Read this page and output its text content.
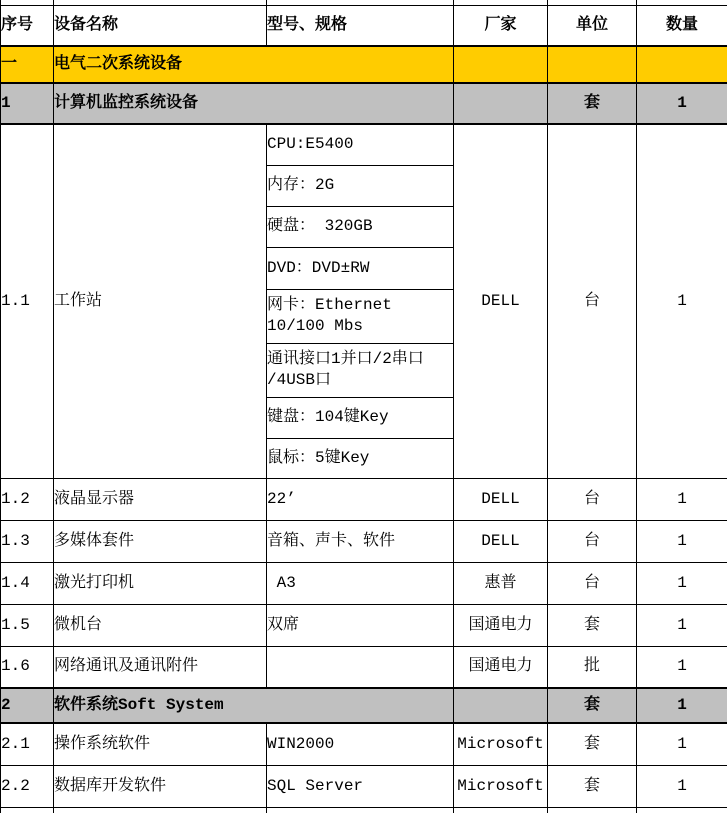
序号	设备名称	型号、规格	厂家	单位	数量
一	电气二次系统设备				
1	计算机监控系统设备			套	1
1.1	工作站	CPU:E5400	DELL	台	1
		内存：2G			
		硬盘： 320GB			
		DVD：DVD±RW			
		网卡：Ethernet
10/100 Mbs			
		通讯接口1并口/2串口
/4USB口			
		键盘：104键Key			
		鼠标：5键Key			
1.2	液晶显示器	22’	DELL	台	1
1.3	多媒体套件	音箱、声卡、软件	DELL	台	1
1.4	激光打印机	A3	惠普	台	1
1.5	微机台	双席	国通电力	套	1
1.6	网络通讯及通讯附件		国通电力	批	1
2	软件系统Soft System			套	1
2.1	操作系统软件	WIN2000	Microsoft	套	1
2.2	数据库开发软件	SQL Server	Microsoft	套	1
